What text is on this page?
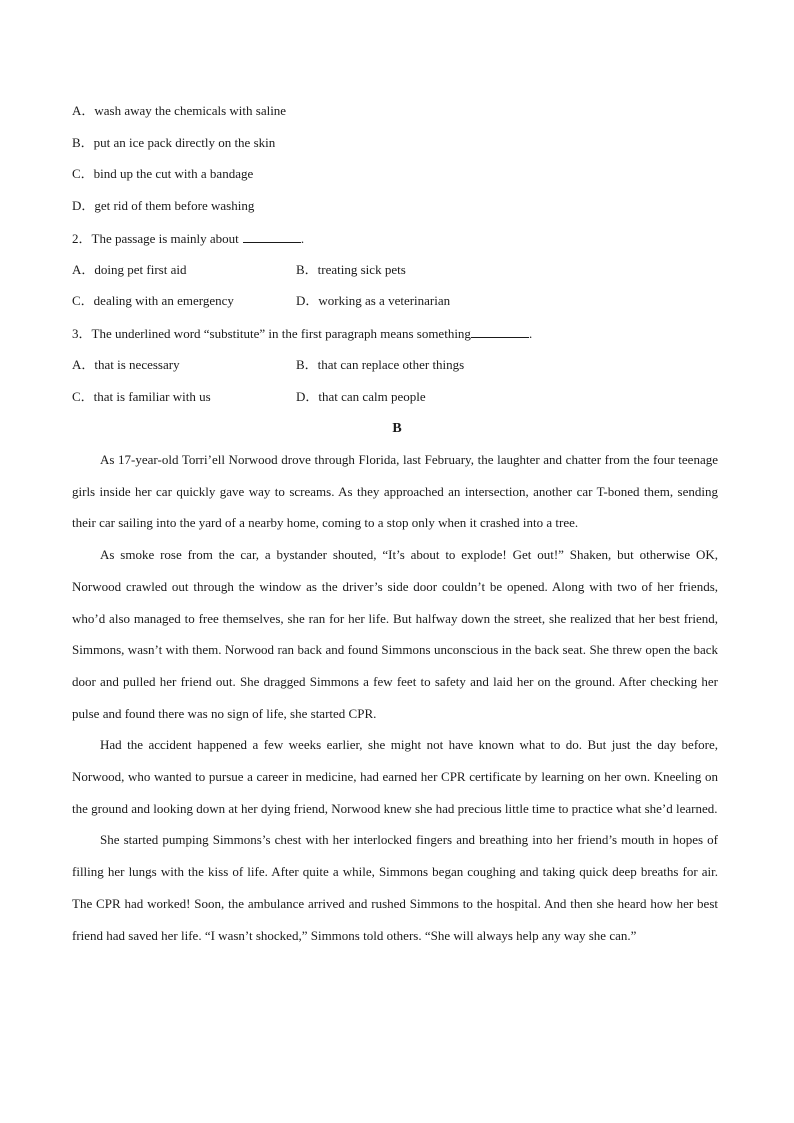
A．wash away the chemicals with saline
B．put an ice pack directly on the skin
C．bind up the cut with a bandage
D．get rid of them before washing
2．The passage is mainly about	.
A．doing pet first aid	B．treating sick pets
C．dealing with an emergency	D．working as a veterinarian
3．The underlined word “substitute” in the first paragraph means something	.
A．that is necessary	B．that can replace other things
C．that is familiar with us	D．that can calm people
B

As 17-year-old Torri’ell Norwood drove through Florida, last February, the laughter and chatter from the four teenage girls inside her car quickly gave way to screams. As they approached an intersection, another car T-boned them, sending their car sailing into the yard of a nearby home, coming to a stop only when it crashed into a tree.

As smoke rose from the car, a bystander shouted, “It’s about to explode! Get out!” Shaken, but otherwise OK, Norwood crawled out through the window as the driver’s side door couldn’t be opened. Along with two of her friends, who’d also managed to free themselves, she ran for her life. But halfway down the street, she realized that her best friend, Simmons, wasn’t with them. Norwood ran back and found Simmons unconscious in the back seat. She threw open the back door and pulled her friend out. She dragged Simmons a few feet to safety and laid her on the ground. After checking her pulse and found there was no sign of life, she started CPR.

Had the accident happened a few weeks earlier, she might not have known what to do. But just the day before, Norwood, who wanted to pursue a career in medicine, had earned her CPR certificate by learning on her own. Kneeling on the ground and looking down at her dying friend, Norwood knew she had precious little time to practice what she’d learned.

She started pumping Simmons’s chest with her interlocked fingers and breathing into her friend’s mouth in hopes of filling her lungs with the kiss of life. After quite a while, Simmons began coughing and taking quick deep breaths for air. The CPR had worked! Soon, the ambulance arrived and rushed Simmons to the hospital. And then she heard how her best friend had saved her life. “I wasn’t shocked,” Simmons told others. “She will always help any way she can.”
